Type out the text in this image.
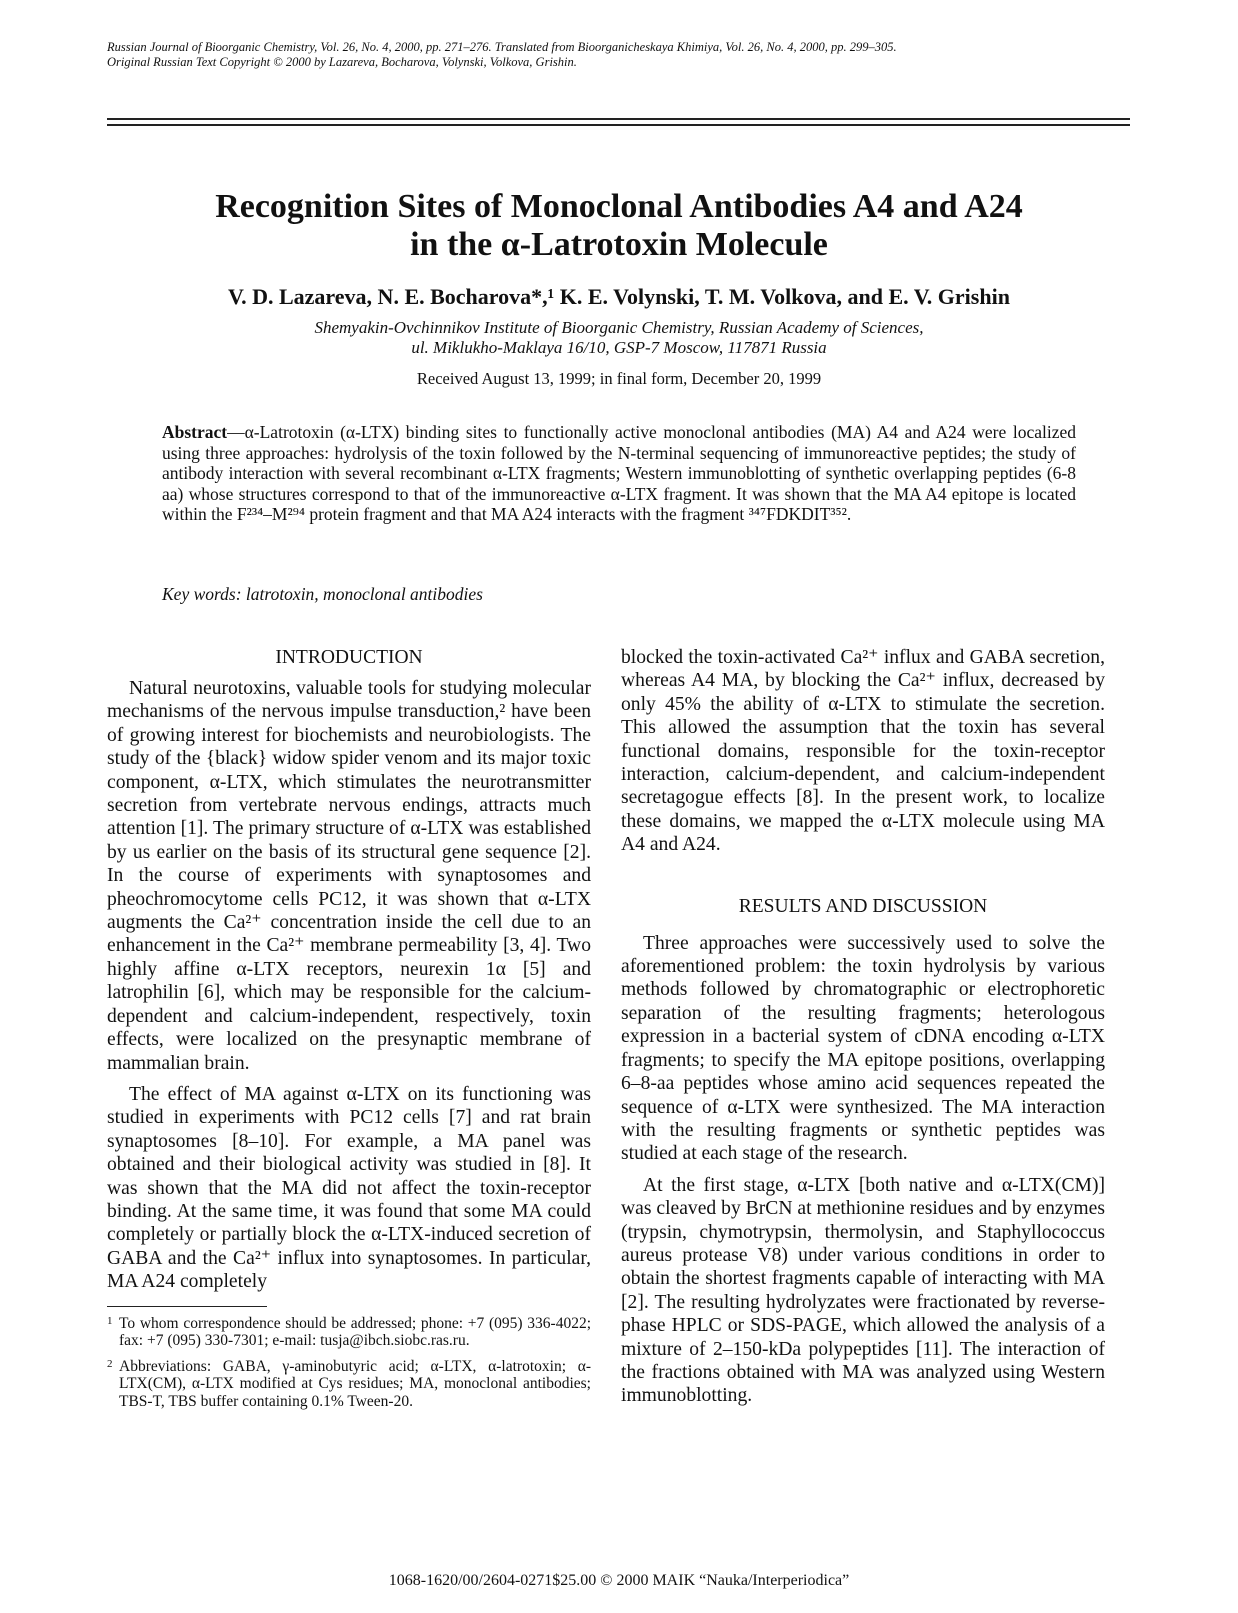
Russian Journal of Bioorganic Chemistry, Vol. 26, No. 4, 2000, pp. 271–276. Translated from Bioorganicheskaya Khimiya, Vol. 26, No. 4, 2000, pp. 299–305.
Original Russian Text Copyright © 2000 by Lazareva, Bocharova, Volynski, Volkova, Grishin.
Recognition Sites of Monoclonal Antibodies A4 and A24
in the α-Latrotoxin Molecule
V. D. Lazareva, N. E. Bocharova*,¹ K. E. Volynski, T. M. Volkova, and E. V. Grishin
Shemyakin-Ovchinnikov Institute of Bioorganic Chemistry, Russian Academy of Sciences,
ul. Miklukho-Maklaya 16/10, GSP-7 Moscow, 117871 Russia
Received August 13, 1999; in final form, December 20, 1999
Abstract—α-Latrotoxin (α-LTX) binding sites to functionally active monoclonal antibodies (MA) A4 and A24 were localized using three approaches: hydrolysis of the toxin followed by the N-terminal sequencing of immunoreactive peptides; the study of antibody interaction with several recombinant α-LTX fragments; Western immunoblotting of synthetic overlapping peptides (6-8 aa) whose structures correspond to that of the immunoreactive α-LTX fragment. It was shown that the MA A4 epitope is located within the F²³⁴–M²⁹⁴ protein fragment and that MA A24 interacts with the fragment ³⁴⁷FDKDIT³⁵².
Key words: latrotoxin, monoclonal antibodies
INTRODUCTION

Natural neurotoxins, valuable tools for studying molecular mechanisms of the nervous impulse transduction,² have been of growing interest for biochemists and neurobiologists. The study of the {black} widow spider venom and its major toxic component, α-LTX, which stimulates the neurotransmitter secretion from vertebrate nervous endings, attracts much attention [1]. The primary structure of α-LTX was established by us earlier on the basis of its structural gene sequence [2]. In the course of experiments with synaptosomes and pheochromocytome cells PC12, it was shown that α-LTX augments the Ca²⁺ concentration inside the cell due to an enhancement in the Ca²⁺ membrane permeability [3, 4]. Two highly affine α-LTX receptors, neurexin 1α [5] and latrophilin [6], which may be responsible for the calcium-dependent and calcium-independent, respectively, toxin effects, were localized on the presynaptic membrane of mammalian brain.

The effect of MA against α-LTX on its functioning was studied in experiments with PC12 cells [7] and rat brain synaptosomes [8–10]. For example, a MA panel was obtained and their biological activity was studied in [8]. It was shown that the MA did not affect the toxin-receptor binding. At the same time, it was found that some MA could completely or partially block the α-LTX-induced secretion of GABA and the Ca²⁺ influx into synaptosomes. In particular, MA A24 completely

1 To whom correspondence should be addressed; phone: +7 (095) 336-4022; fax: +7 (095) 330-7301; e-mail: tusja@ibch.siobc.ras.ru.

2 Abbreviations: GABA, γ-aminobutyric acid; α-LTX, α-latrotoxin; α-LTX(CM), α-LTX modified at Cys residues; MA, monoclonal antibodies; TBS-T, TBS buffer containing 0.1% Tween-20.

blocked the toxin-activated Ca²⁺ influx and GABA secretion, whereas A4 MA, by blocking the Ca²⁺ influx, decreased by only 45% the ability of α-LTX to stimulate the secretion. This allowed the assumption that the toxin has several functional domains, responsible for the toxin-receptor interaction, calcium-dependent, and calcium-independent secretagogue effects [8]. In the present work, to localize these domains, we mapped the α-LTX molecule using MA A4 and A24.

RESULTS AND DISCUSSION

Three approaches were successively used to solve the aforementioned problem: the toxin hydrolysis by various methods followed by chromatographic or electrophoretic separation of the resulting fragments; heterologous expression in a bacterial system of cDNA encoding α-LTX fragments; to specify the MA epitope positions, overlapping 6–8-aa peptides whose amino acid sequences repeated the sequence of α-LTX were synthesized. The MA interaction with the resulting fragments or synthetic peptides was studied at each stage of the research.

At the first stage, α-LTX [both native and α-LTX(CM)] was cleaved by BrCN at methionine residues and by enzymes (trypsin, chymotrypsin, thermolysin, and Staphyllococcus aureus protease V8) under various conditions in order to obtain the shortest fragments capable of interacting with MA [2]. The resulting hydrolyzates were fractionated by reverse-phase HPLC or SDS-PAGE, which allowed the analysis of a mixture of 2–150-kDa polypeptides [11]. The interaction of the fractions obtained with MA was analyzed using Western immunoblotting.

1068-1620/00/2604-0271$25.00 © 2000 MAIK “Nauka/Interperiodica”
